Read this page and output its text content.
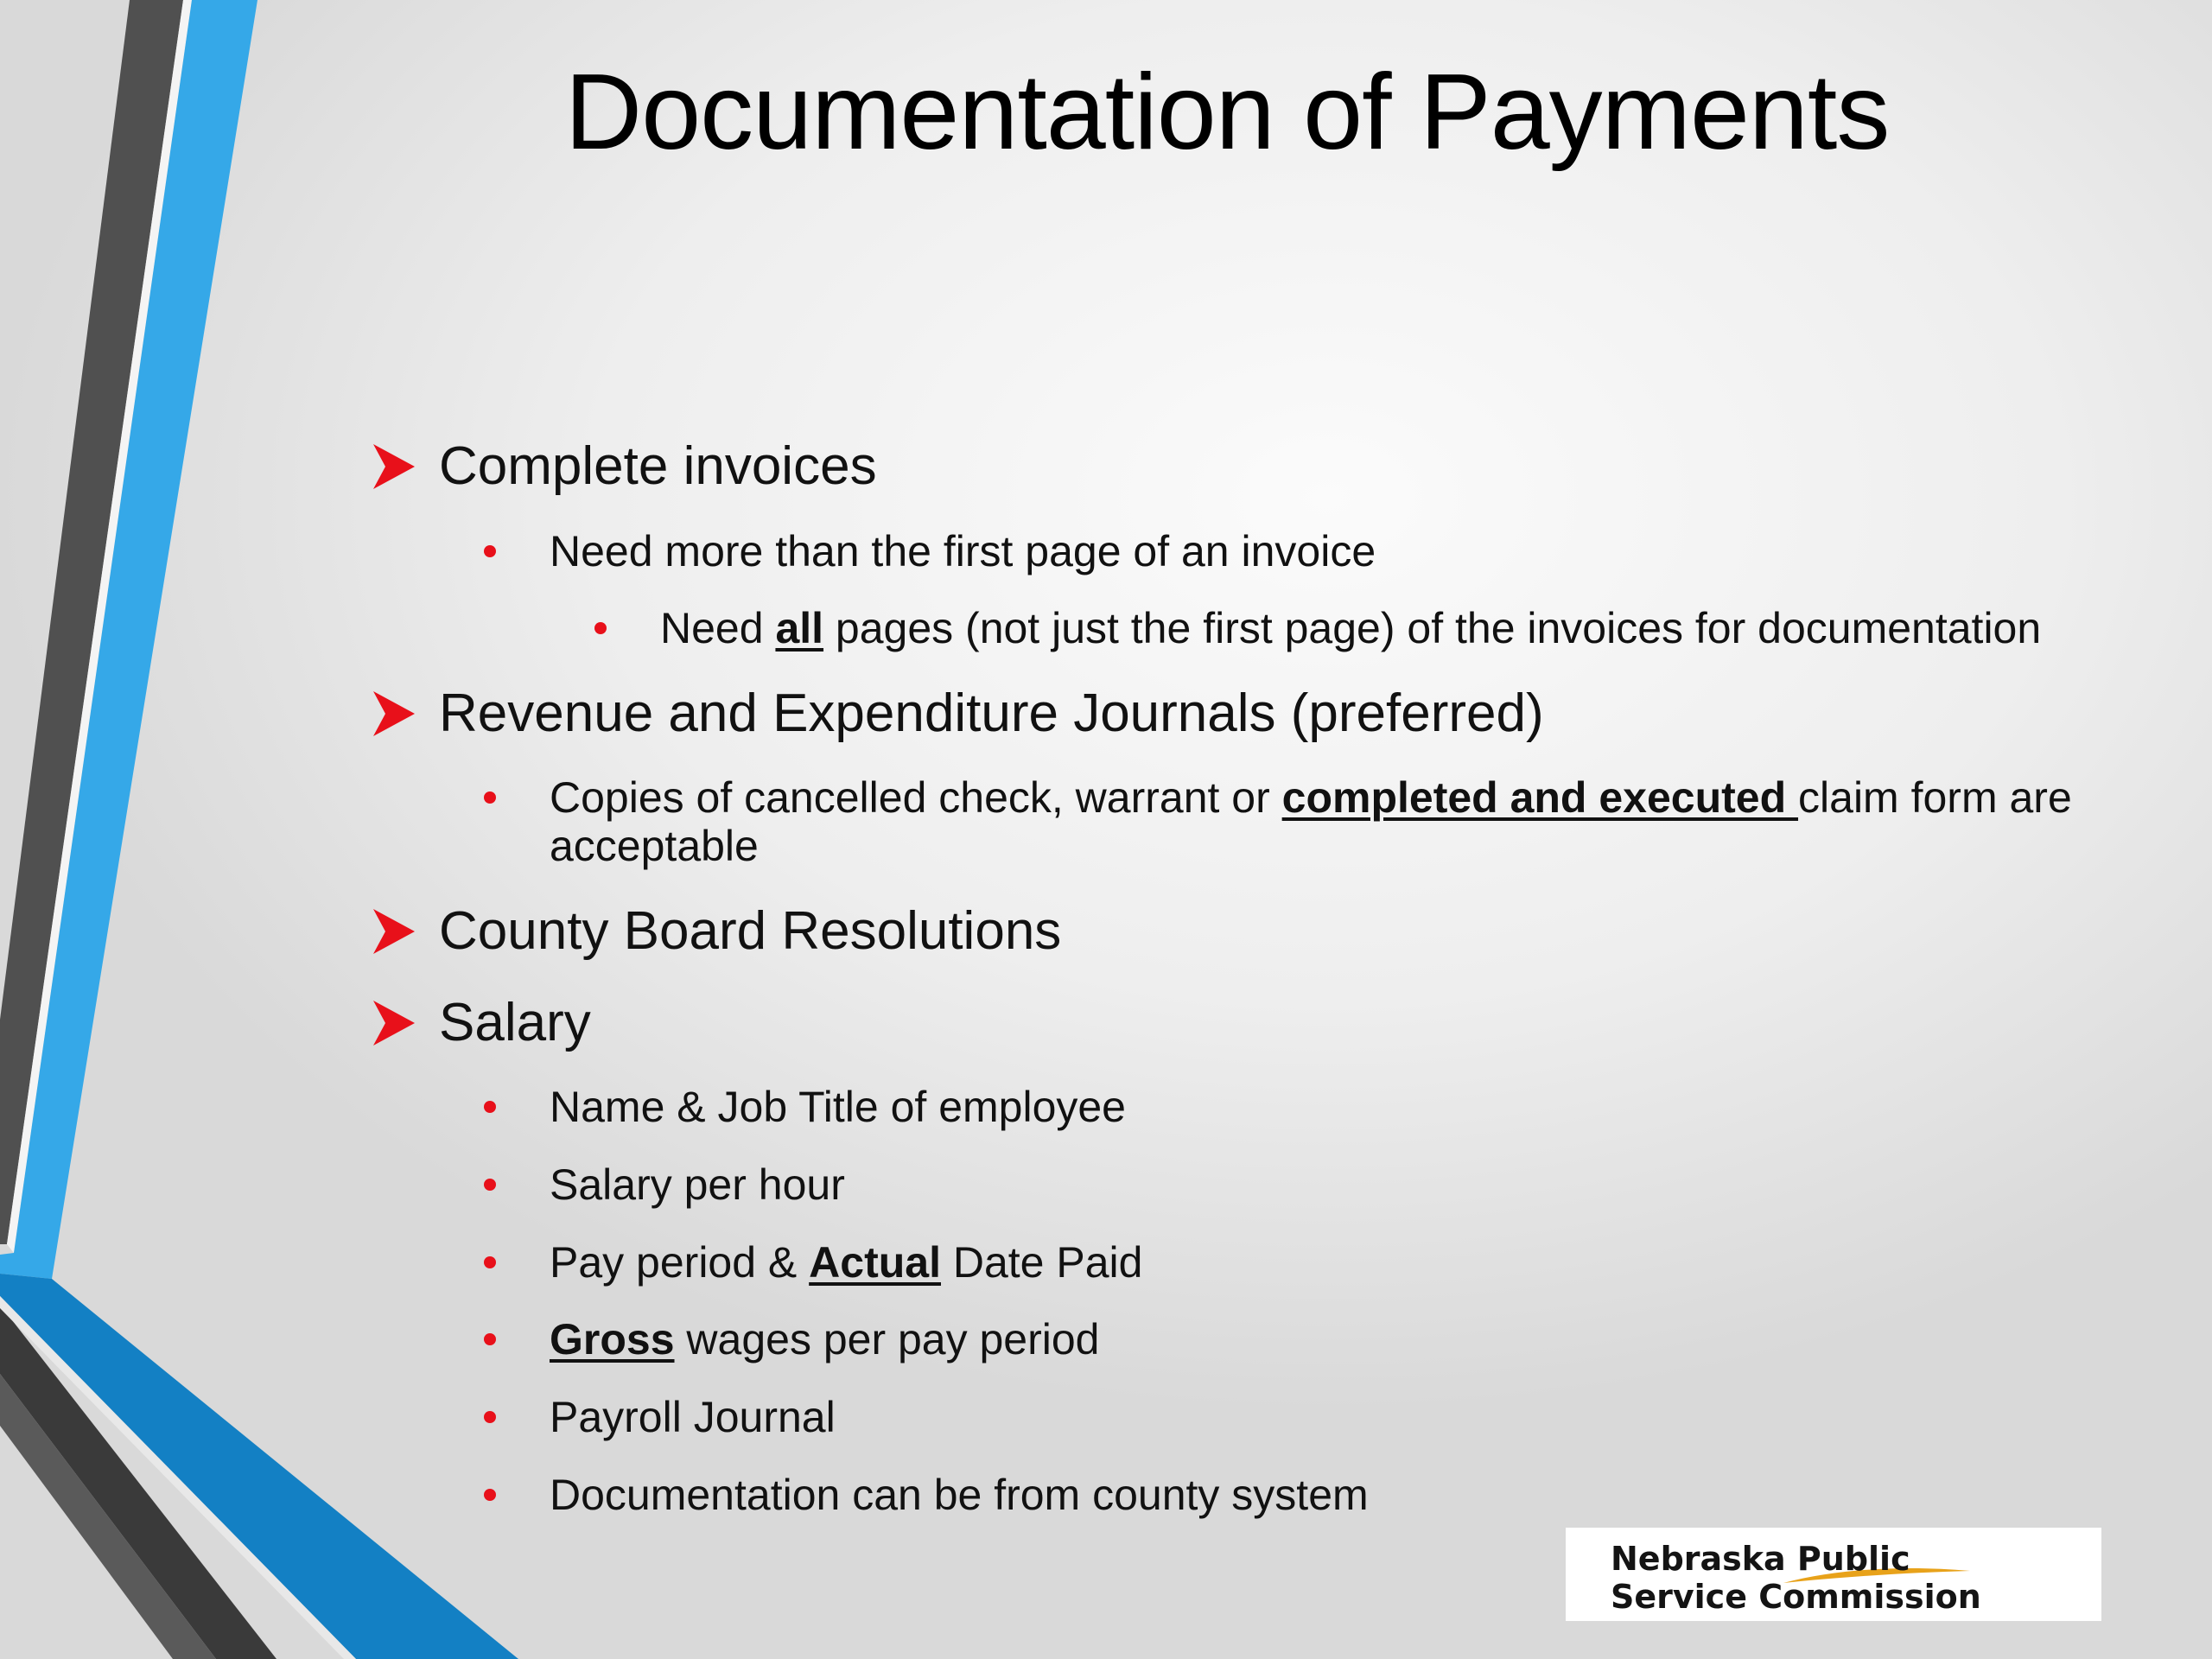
Documentation of Payments
Complete invoices
Need more than the first page of an invoice
Need all pages (not just the first page) of the invoices for documentation
Revenue and Expenditure Journals (preferred)
Copies of cancelled check, warrant or completed and executed claim form are acceptable
County Board Resolutions
Salary
Name & Job Title of employee
Salary per hour
Pay period & Actual Date Paid
Gross wages per pay period
Payroll Journal
Documentation can be from county system
Nebraska Public
Service Commission
